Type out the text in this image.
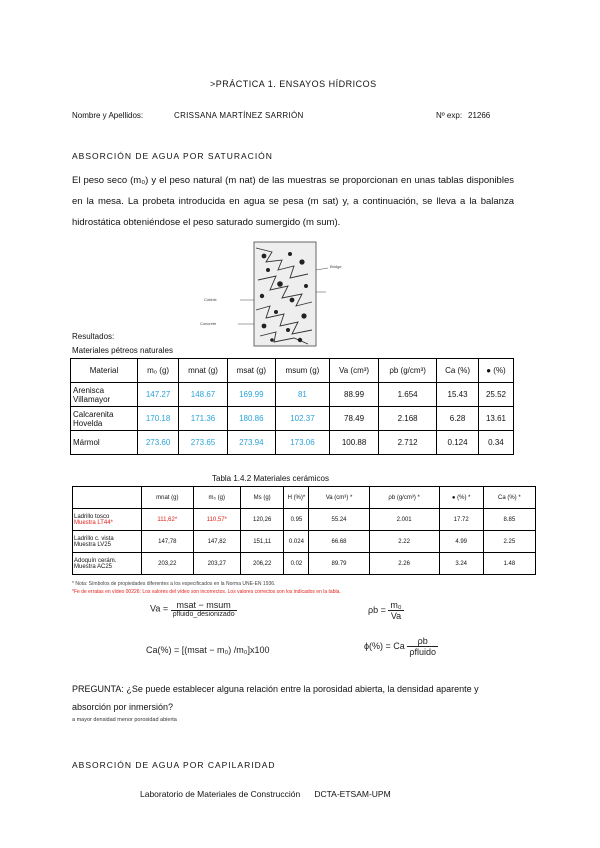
>PRÁCTICA 1. ENSAYOS HÍDRICOS
Nombre y Apellidos:	CRISSANA MARTÍNEZ SARRIÓN	Nº exp: 21266
ABSORCIÓN DE AGUA POR SATURACIÓN
El peso seco (m₀) y el peso natural (m nat) de las muestras se proporcionan en unas tablas disponibles en la mesa. La probeta introducida en agua se pesa (m sat) y, a continuación, se lleva a la balanza hidrostática obteniéndose el peso saturado sumergido (m sum).
Bridge
Cobble
Concrete
Resultados:
Materiales pétreos naturales
Material	m₀ (g)	mnat (g)	msat (g)	msum (g)	Va (cm³)	ρb (g/cm³)	Ca (%)	● (%)
Arenisca Villamayor	147.27	148.67	169.99	81	88.99	1.654	15.43	25.52
Calcarenita Hovelda	170.18	171.36	180.86	102.37	78.49	2.168	6.28	13.61
Mármol	273.60	273.65	273.94	173.06	100.88	2.712	0.124	0.34
Tabla 1.4.2 Materiales cerámicos
	mnat (g)	m₀ (g)	Ms (g)	H (%)*	Va (cm³) *	ρb (g/cm³) *	● (%) *	Ca (%) *
Ladrillo tosco
Muestra LT44*	111,62*	110,57*	120,26	0.95	55.24	2.001	17.72	8.85
Ladrillo c. vista
Muestra LV25	147,78	147,82	151,11	0.024	66.68	2.22	4.99	2.25
Adoquín cerám.
Muestra AC25	203,22	203,27	206,22	0.02	89.79	2.26	3.24	1.48
* Nota: Símbolos de propiedades diferentes a los especificados en la Norma UNE-EN 1936.
*Fe de erratas en vídeo 00226: Los valores del vídeo son incorrectos. Los valores correctos son los indicados en la tabla.
$Va = \frac{\text{msat − msum}}{\text{ρfluido\_desionizado}}$	$\rho b = \frac{\text{m₀}}{Va}$
Ca(%) = [(msat − m₀) /m₀]x100	ϕ(%) = Ca $\frac{\rho b}{\text{ρfluido}}$
PREGUNTA: ¿Se puede establecer alguna relación entre la porosidad abierta, la densidad aparente y absorción por inmersión?
a mayor densidad menor porosidad abierta
ABSORCIÓN DE AGUA POR CAPILARIDAD
Laboratorio de Materiales de Construcción      DCTA-ETSAM-UPM
